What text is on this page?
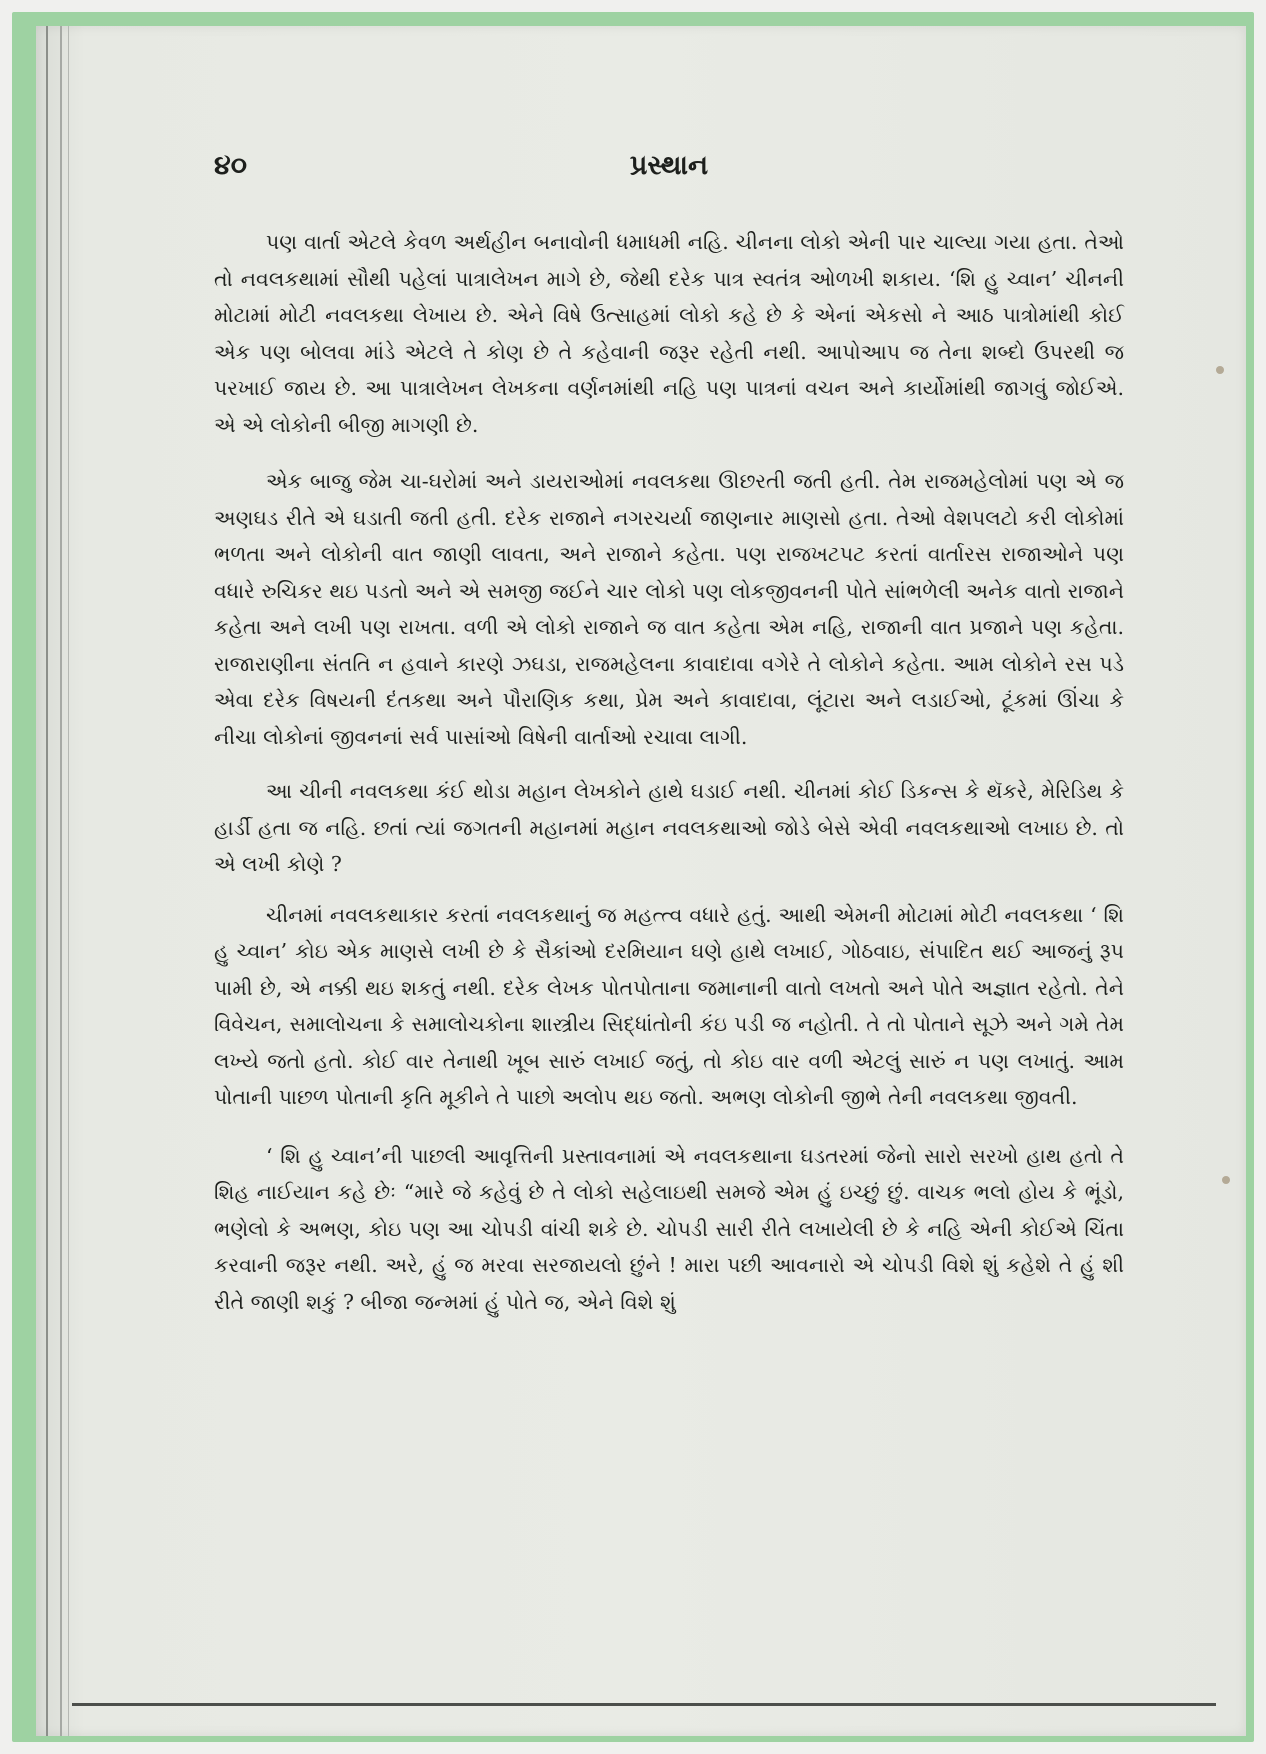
૪૦	પ્રસ્થાન

પણ વાર્તા એટલે કેવળ અર્થહીન બનાવોની ધમાધમી નહિ. ચીનના લોકો એની પાર ચાલ્યા ગયા હતા. તેઓ તો નવલકથામાં સૌથી પહેલાં પાત્રાલેખન માગે છે, જેથી દરેક પાત્ર સ્વતંત્ર ઓળખી શકાય. ‘શિ હુ ચ્વાન’ ચીનની મોટામાં મોટી નવલકથા લેખાય છે. એને વિષે ઉત્સાહમાં લોકો કહે છે કે એનાં એકસો ને આઠ પાત્રોમાંથી કોઈ એક પણ બોલવા માંડે એટલે તે કોણ છે તે કહેવાની જરૂર રહેતી નથી. આપોઆપ જ તેના શબ્દો ઉપરથી જ પરખાઈ જાય છે. આ પાત્રાલેખન લેખકના વર્ણનમાંથી નહિ પણ પાત્રનાં વચન અને કાર્યોમાંથી જાગવું જોઈએ. એ એ લોકોની બીજી માગણી છે.

એક બાજુ જેમ ચા-ઘરોમાં અને ડાયરાઓમાં નવલકથા ઊછરતી જતી હતી. તેમ રાજમહેલોમાં પણ એ જ અણઘડ રીતે એ ઘડાતી જતી હતી. દરેક રાજાને નગરચર્યા જાણનાર માણસો હતા. તેઓ વેશપલટો કરી લોકોમાં ભળતા અને લોકોની વાત જાણી લાવતા, અને રાજાને કહેતા. પણ રાજખટપટ કરતાં વાર્તારસ રાજાઓને પણ વધારે રુચિકર થઇ પડતો અને એ સમજી જઈને ચાર લોકો પણ લોકજીવનની પોતે સાંભળેલી અનેક વાતો રાજાને કહેતા અને લખી પણ રાખતા. વળી એ લોકો રાજાને જ વાત કહેતા એમ નહિ, રાજાની વાત પ્રજાને પણ કહેતા. રાજારાણીના સંતતિ ન હવાને કારણે ઝઘડા, રાજમહેલના કાવાદાવા વગેરે તે લોકોને કહેતા. આમ લોકોને રસ પડે એવા દરેક વિષયની દંતકથા અને પૌરાણિક કથા, પ્રેમ અને કાવાદાવા, લૂંટારા અને લડાઈઓ, ટૂંકમાં ઊંચા કે નીચા લોકોનાં જીવનનાં સર્વ પાસાંઓ વિષેની વાર્તાઓ રચાવા લાગી.

આ ચીની નવલકથા કંઈ થોડા મહાન લેખકોને હાથે ઘડાઈ નથી. ચીનમાં કોઈ ડિકન્સ કે થૅકરે, મેરિડિથ કે હાર્ડી હતા જ નહિ. છતાં ત્યાં જગતની મહાનમાં મહાન નવલકથાઓ જોડે બેસે એવી નવલકથાઓ લખાઇ છે. તો એ લખી કોણે ?

ચીનમાં નવલકથાકાર કરતાં નવલકથાનું જ મહત્ત્વ વધારે હતું. આથી એમની મોટામાં મોટી નવલકથા ‘ શિ હુ ચ્વાન’ કોઇ એક માણસે લખી છે કે સૈકાંઓ દરમિયાન ઘણે હાથે લખાઈ, ગોઠવાઇ, સંપાદિત થઈ આજનું રૂપ પામી છે, એ નક્કી થઇ શકતું નથી. દરેક લેખક પોતપોતાના જમાનાની વાતો લખતો અને પોતે અજ્ઞાત રહેતો. તેને વિવેચન, સમાલોચના કે સમાલોચકોના શાસ્ત્રીય સિદ્ધાંતોની કંઇ પડી જ નહોતી. તે તો પોતાને સૂઝે અને ગમે તેમ લખ્યે જતો હતો. કોઈ વાર તેનાથી ખૂબ સારું લખાઈ જતું, તો કોઇ વાર વળી એટલું સારું ન પણ લખાતું. આમ પોતાની પાછળ પોતાની કૃતિ મૂકીને તે પાછો અલોપ થઇ જતો. અભણ લોકોની જીભે તેની નવલકથા જીવતી.

‘ શિ હુ ચ્વાન’ની પાછલી આવૃત્તિની પ્રસ્તાવનામાં એ નવલકથાના ઘડતરમાં જેનો સારો સરખો હાથ હતો તે શિહ નાઈયાન કહે છેઃ “મારે જે કહેવું છે તે લોકો સહેલાઇથી સમજે એમ હું ઇચ્છું છું. વાચક ભલો હોય કે ભૂંડો, ભણેલો કે અભણ, કોઇ પણ આ ચોપડી વાંચી શકે છે. ચોપડી સારી રીતે લખાયેલી છે કે નહિ એની કોઈએ ચિંતા કરવાની જરૂર નથી. અરે, હું જ મરવા સરજાયલો છુંને ! મારા પછી આવનારો એ ચોપડી વિશે શું કહેશે તે હું શી રીતે જાણી શકું ? બીજા જન્મમાં હું પોતે જ, એને વિશે શું
